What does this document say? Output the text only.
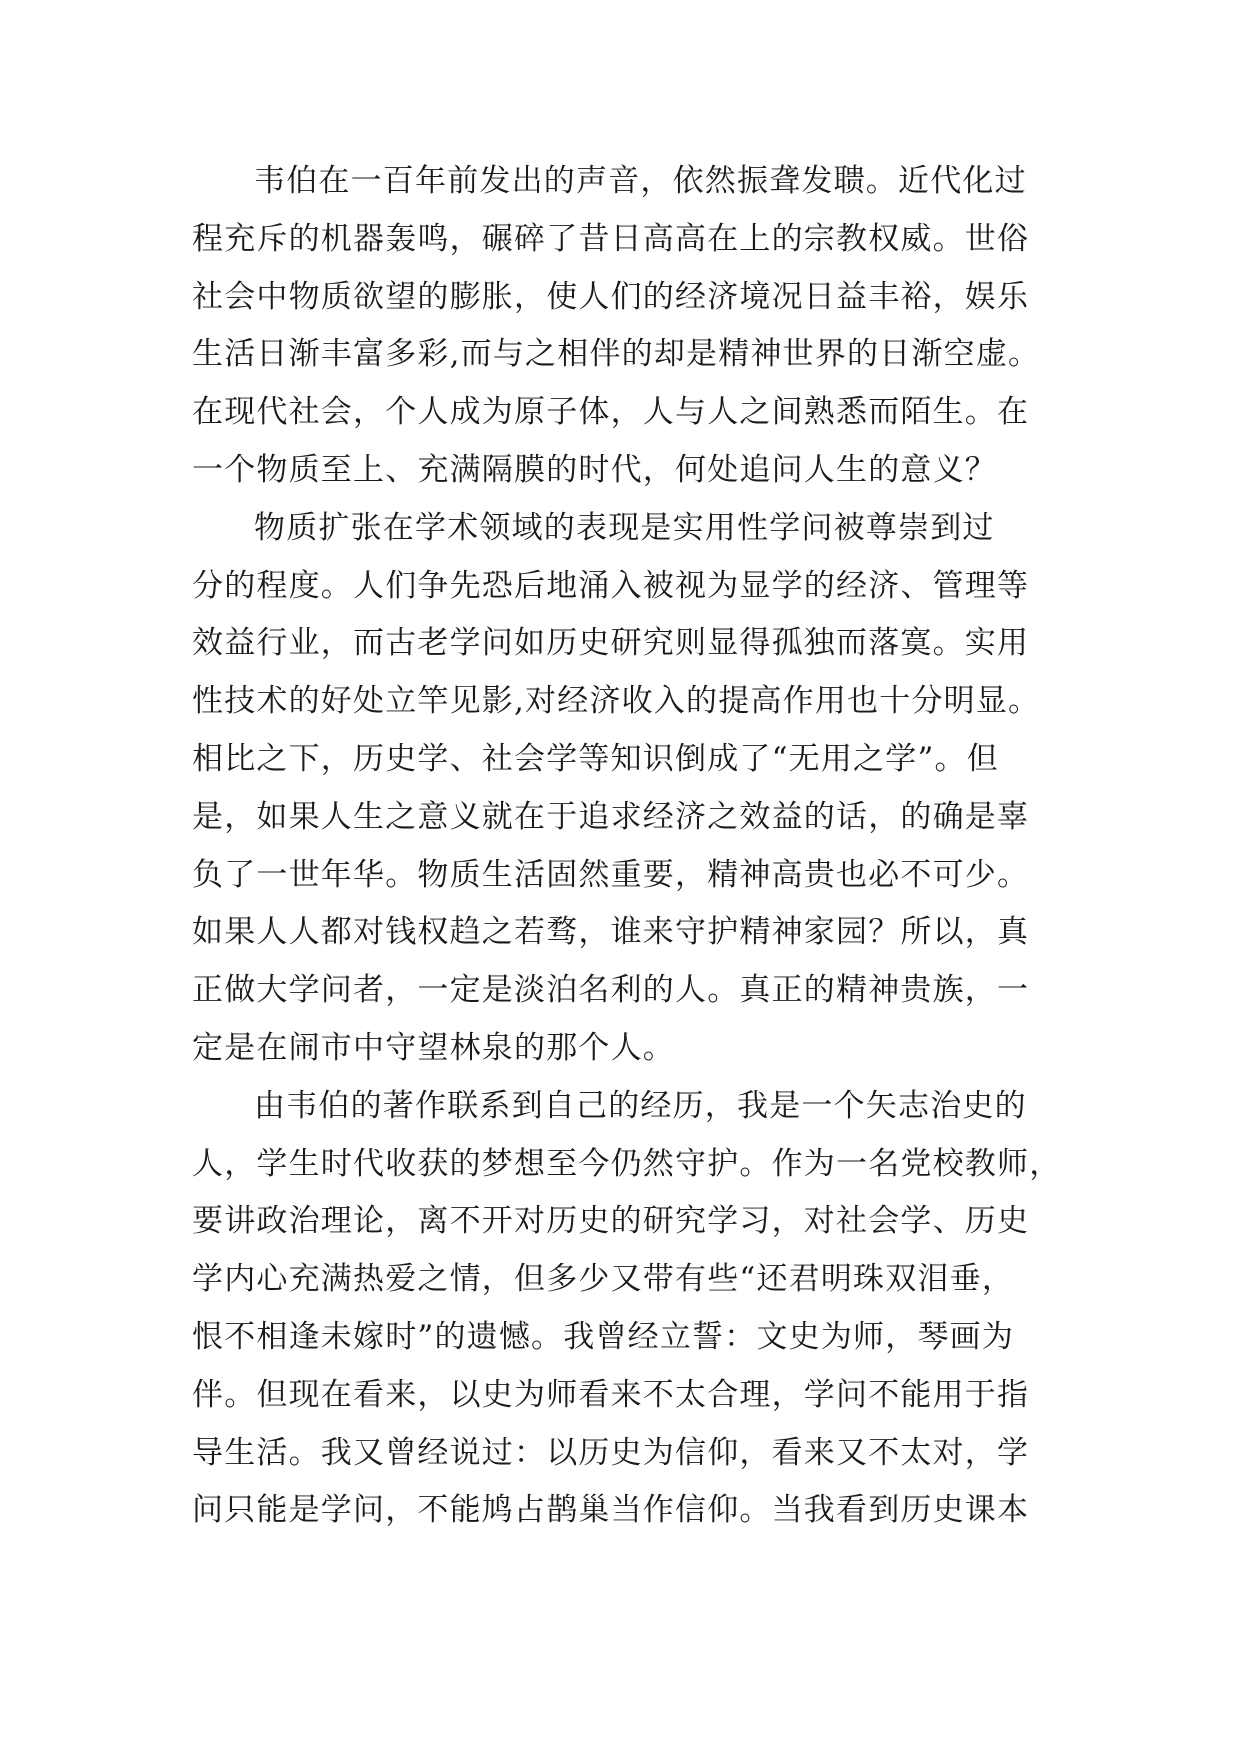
韦伯在一百年前发出的声音，依然振聋发聩。近代化过
程充斥的机器轰鸣，碾碎了昔日高高在上的宗教权威。世俗
社会中物质欲望的膨胀，使人们的经济境况日益丰裕，娱乐
生活日渐丰富多彩,而与之相伴的却是精神世界的日渐空虚。
在现代社会，个人成为原子体，人与人之间熟悉而陌生。在
一个物质至上、充满隔膜的时代，何处追问人生的意义？

物质扩张在学术领域的表现是实用性学问被尊崇到过
分的程度。人们争先恐后地涌入被视为显学的经济、管理等
效益行业，而古老学问如历史研究则显得孤独而落寞。实用
性技术的好处立竿见影,对经济收入的提高作用也十分明显。
相比之下，历史学、社会学等知识倒成了“无用之学”。但
是，如果人生之意义就在于追求经济之效益的话，的确是辜
负了一世年华。物质生活固然重要，精神高贵也必不可少。
如果人人都对钱权趋之若骛，谁来守护精神家园？所以，真
正做大学问者，一定是淡泊名利的人。真正的精神贵族，一
定是在闹市中守望林泉的那个人。

由韦伯的著作联系到自己的经历，我是一个矢志治史的
人，学生时代收获的梦想至今仍然守护。作为一名党校教师，
要讲政治理论，离不开对历史的研究学习，对社会学、历史
学内心充满热爱之情，但多少又带有些“还君明珠双泪垂，
恨不相逢未嫁时”的遗憾。我曾经立誓：文史为师，琴画为
伴。但现在看来，以史为师看来不太合理，学问不能用于指
导生活。我又曾经说过：以历史为信仰，看来又不太对，学
问只能是学问，不能鸠占鹊巢当作信仰。当我看到历史课本
